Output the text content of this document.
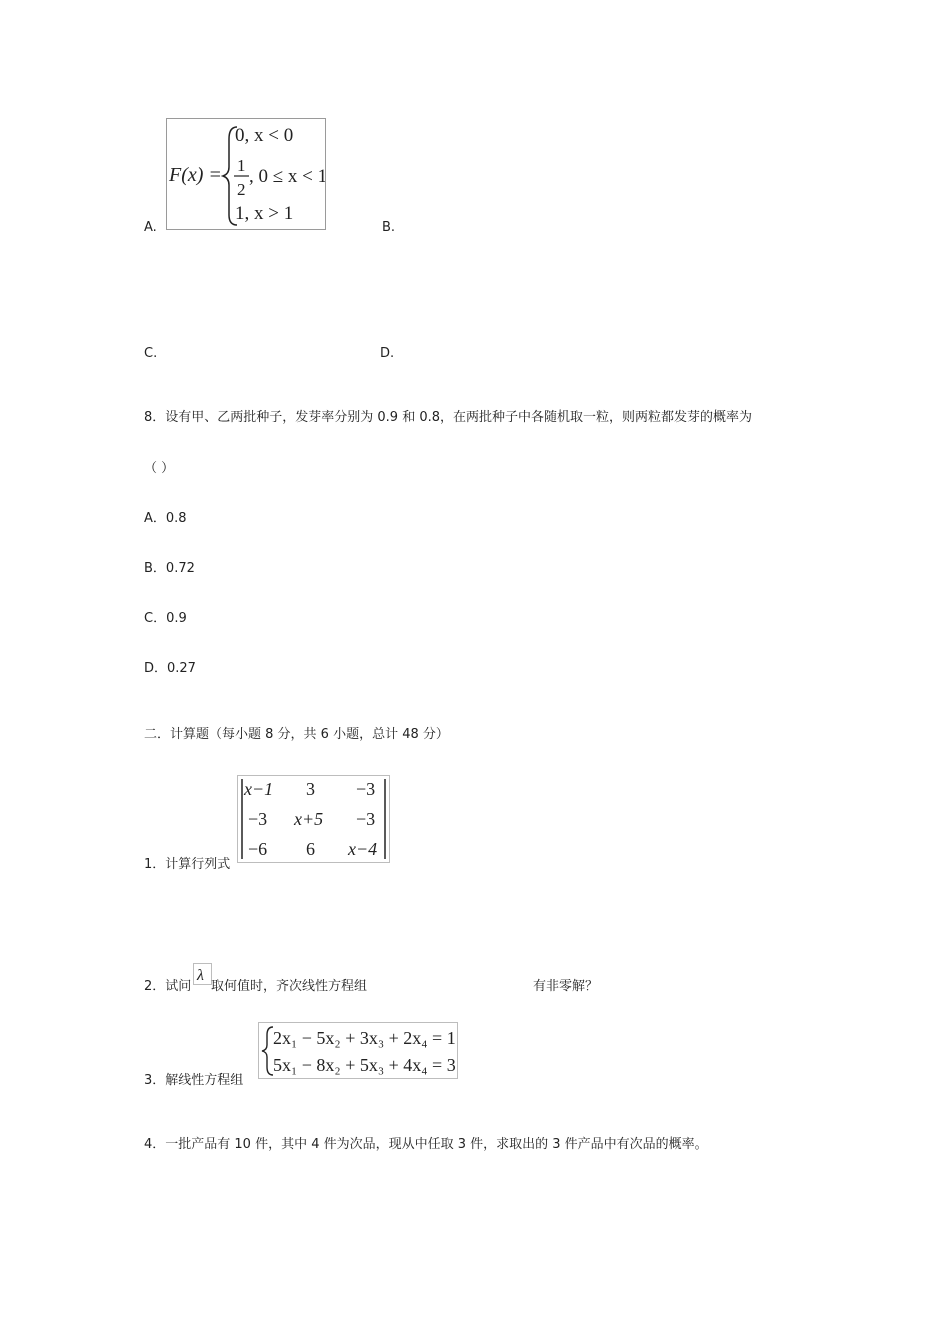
A.
F(x) =
0, x < 0
1
2
, 0 ≤ x < 1
1, x > 1
B.
C.	D.
8．设有甲、乙两批种子，发芽率分别为 0.9 和 0.8，在两批种子中各随机取一粒，则两粒都发芽的概率为
（ ）
A．0.8
B．0.72
C．0.9
D．0.27
二．计算题（每小题 8 分，共 6 小题，总计 48 分）
1．计算行列式
x−1 3 −3
−3 x+5 −3
−6 6 x−4
2．试问
λ
取何值时，齐次线性方程组	有非零解？
3．解线性方程组
2x₁ − 5x₂ + 3x₃ + 2x₄ = 1
5x₁ − 8x₂ + 5x₃ + 4x₄ = 3
4．一批产品有 10 件，其中 4 件为次品，现从中任取 3 件，求取出的 3 件产品中有次品的概率。
